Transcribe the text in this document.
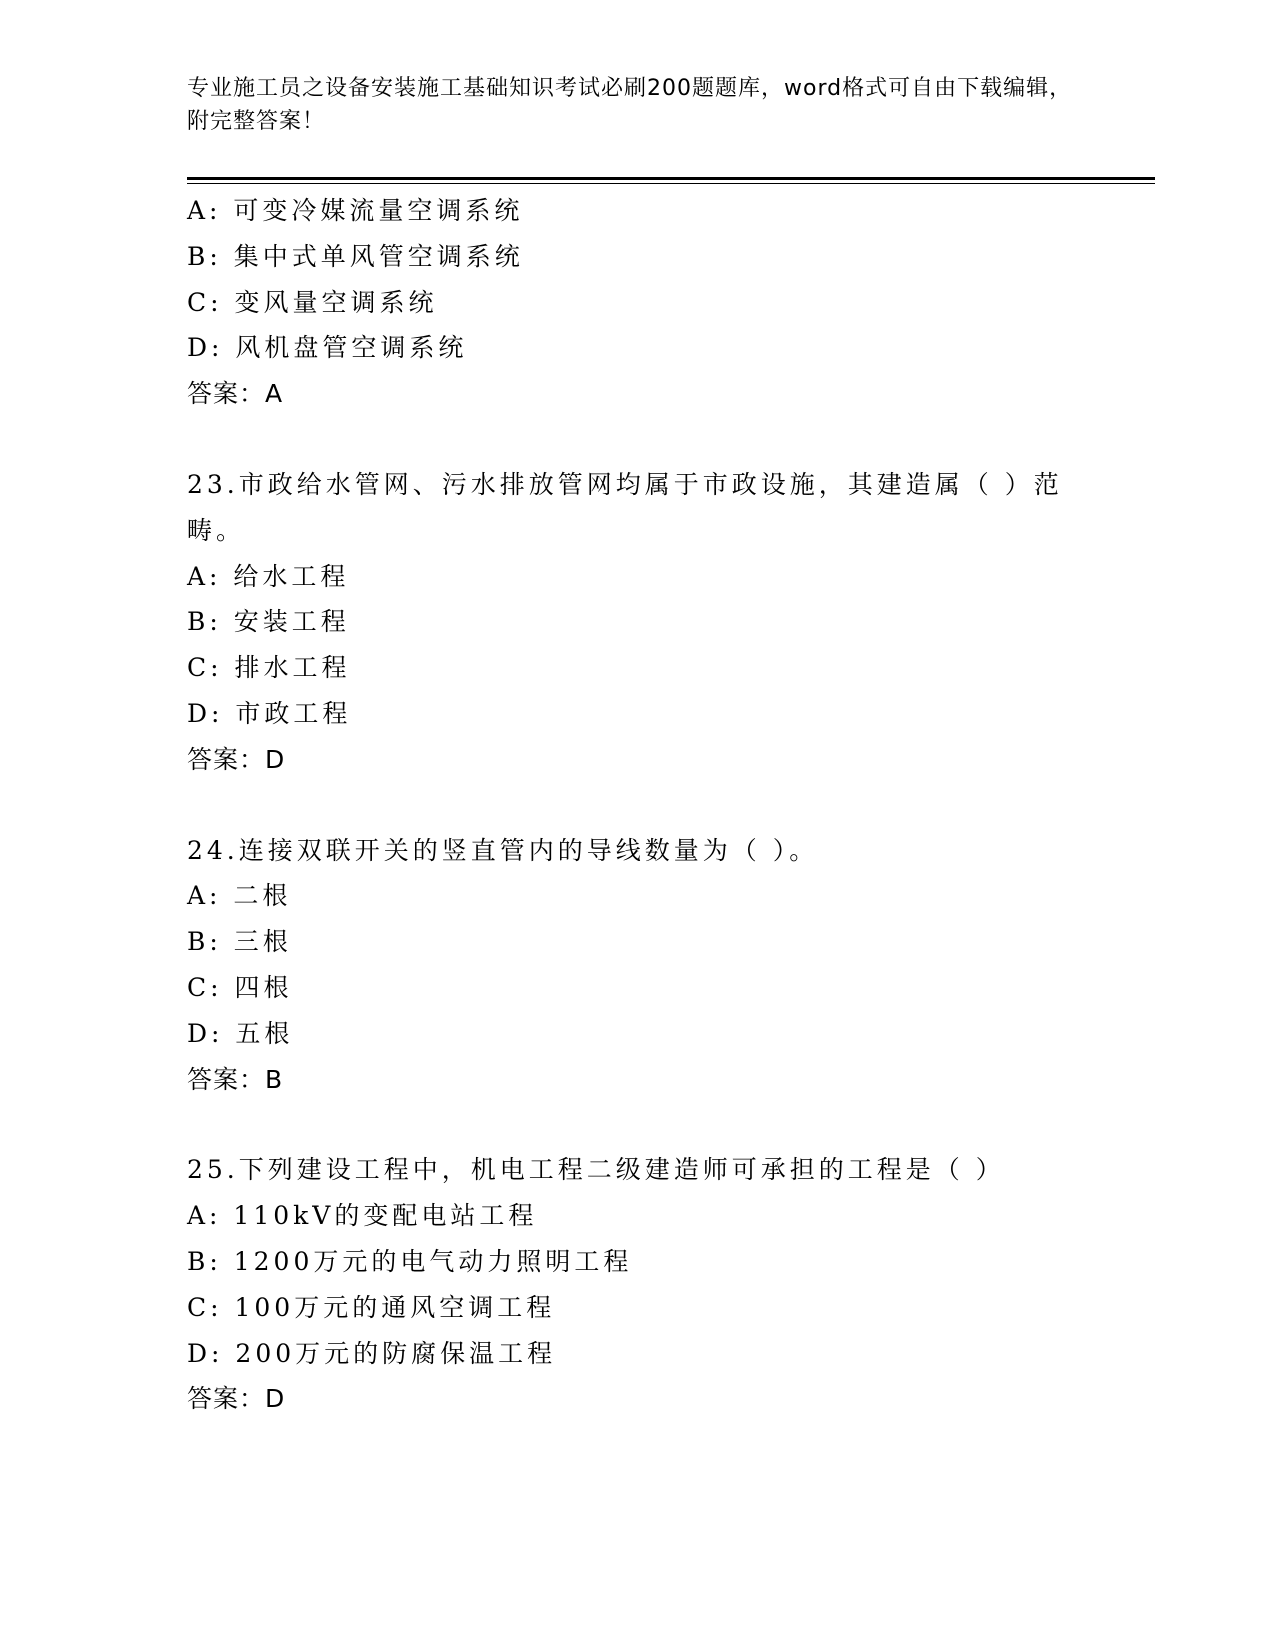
专业施工员之设备安装施工基础知识考试必刷200题题库，word格式可自由下载编辑，附完整答案！
A: 可变冷媒流量空调系统
B: 集中式单风管空调系统
C: 变风量空调系统
D: 风机盘管空调系统
答案：A
23.市政给水管网、污水排放管网均属于市政设施，其建造属（ ）范畴。
A: 给水工程
B: 安装工程
C: 排水工程
D: 市政工程
答案：D
24.连接双联开关的竖直管内的导线数量为（ ）。
A: 二根
B: 三根
C: 四根
D: 五根
答案：B
25.下列建设工程中，机电工程二级建造师可承担的工程是（ ）
A: 110kV的变配电站工程
B: 1200万元的电气动力照明工程
C: 100万元的通风空调工程
D: 200万元的防腐保温工程
答案：D
